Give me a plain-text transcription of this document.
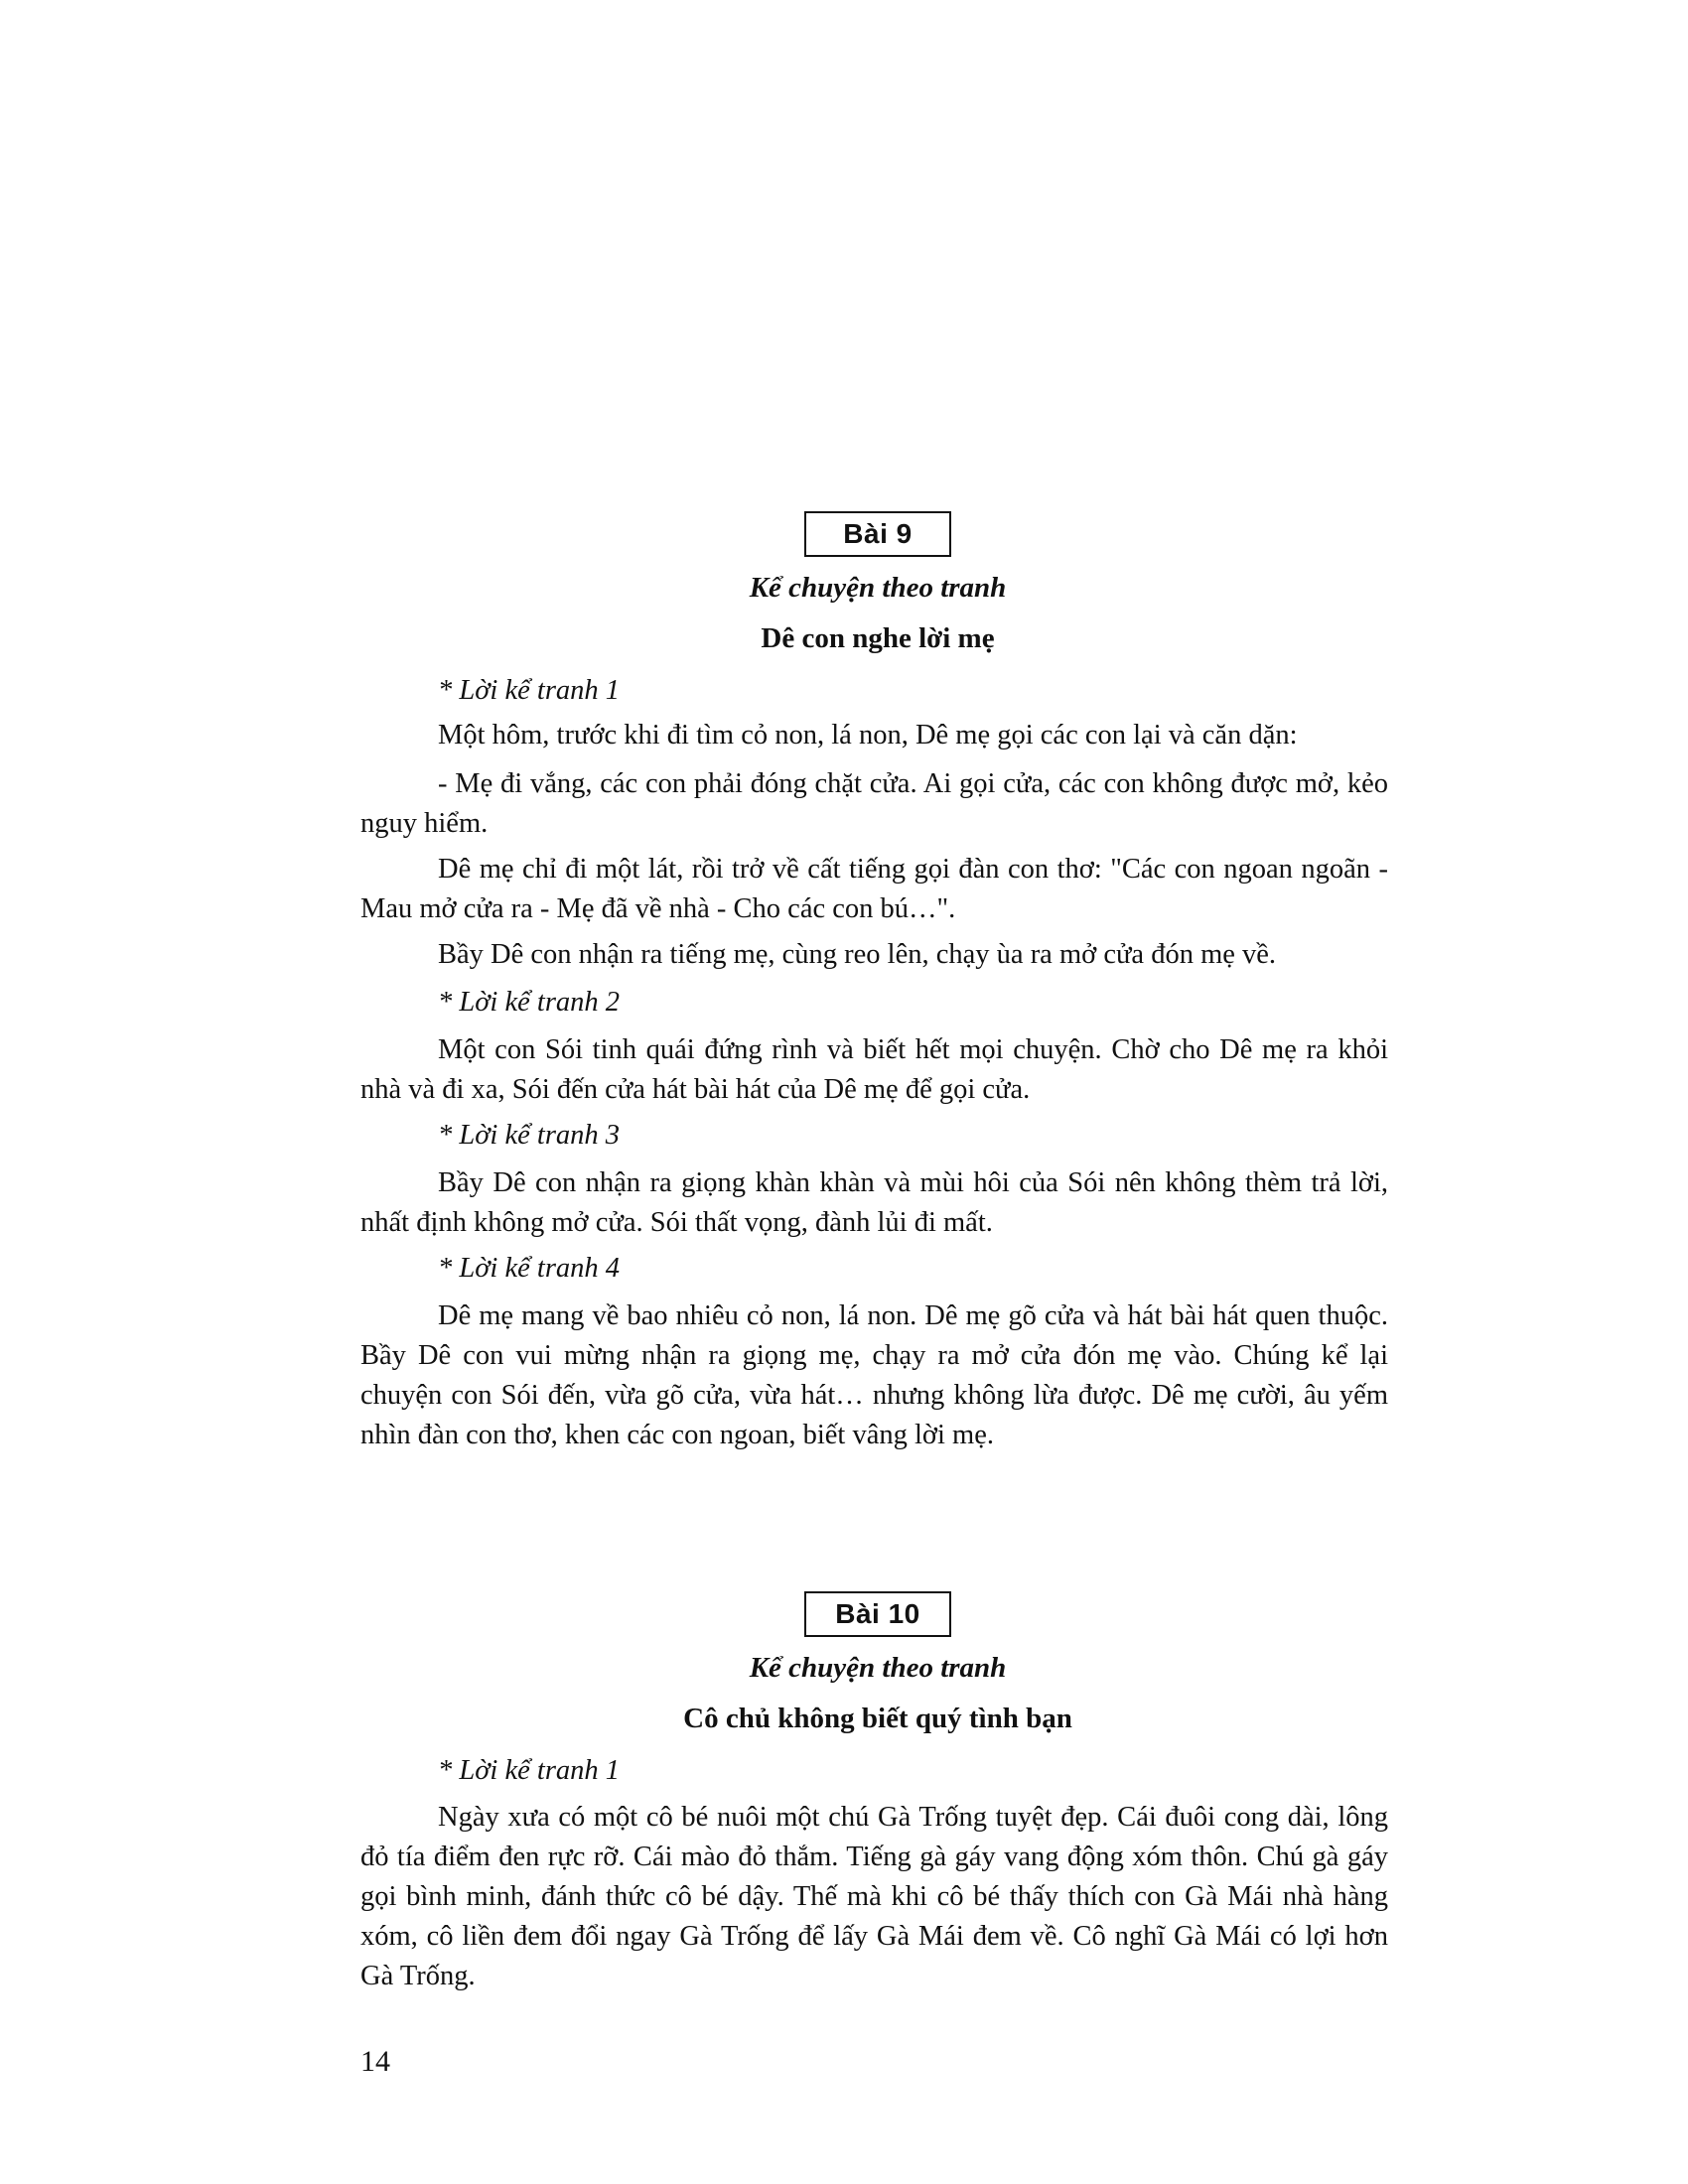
Bài 9
Kể chuyện theo tranh
Dê con nghe lời mẹ
* Lời kể tranh 1

Một hôm, trước khi đi tìm cỏ non, lá non, Dê mẹ gọi các con lại và căn dặn:

- Mẹ đi vắng, các con phải đóng chặt cửa. Ai gọi cửa, các con không được mở, kẻo nguy hiểm.

Dê mẹ chỉ đi một lát, rồi trở về cất tiếng gọi đàn con thơ: "Các con ngoan ngoãn - Mau mở cửa ra - Mẹ đã về nhà - Cho các con bú…".

Bầy Dê con nhận ra tiếng mẹ, cùng reo lên, chạy ùa ra mở cửa đón mẹ về.

* Lời kể tranh 2

Một con Sói tinh quái đứng rình và biết hết mọi chuyện. Chờ cho Dê mẹ ra khỏi nhà và đi xa, Sói đến cửa hát bài hát của Dê mẹ để gọi cửa.

* Lời kể tranh 3

Bầy Dê con nhận ra giọng khàn khàn và mùi hôi của Sói nên không thèm trả lời, nhất định không mở cửa. Sói thất vọng, đành lủi đi mất.

* Lời kể tranh 4

Dê mẹ mang về bao nhiêu cỏ non, lá non. Dê mẹ gõ cửa và hát bài hát quen thuộc. Bầy Dê con vui mừng nhận ra giọng mẹ, chạy ra mở cửa đón mẹ vào. Chúng kể lại chuyện con Sói đến, vừa gõ cửa, vừa hát… nhưng không lừa được. Dê mẹ cười, âu yếm nhìn đàn con thơ, khen các con ngoan, biết vâng lời mẹ.

Bài 10
Kể chuyện theo tranh
Cô chủ không biết quý tình bạn
* Lời kể tranh 1

Ngày xưa có một cô bé nuôi một chú Gà Trống tuyệt đẹp. Cái đuôi cong dài, lông đỏ tía điểm đen rực rỡ. Cái mào đỏ thắm. Tiếng gà gáy vang động xóm thôn. Chú gà gáy gọi bình minh, đánh thức cô bé dậy. Thế mà khi cô bé thấy thích con Gà Mái nhà hàng xóm, cô liền đem đổi ngay Gà Trống để lấy Gà Mái đem về. Cô nghĩ Gà Mái có lợi hơn Gà Trống.

14
